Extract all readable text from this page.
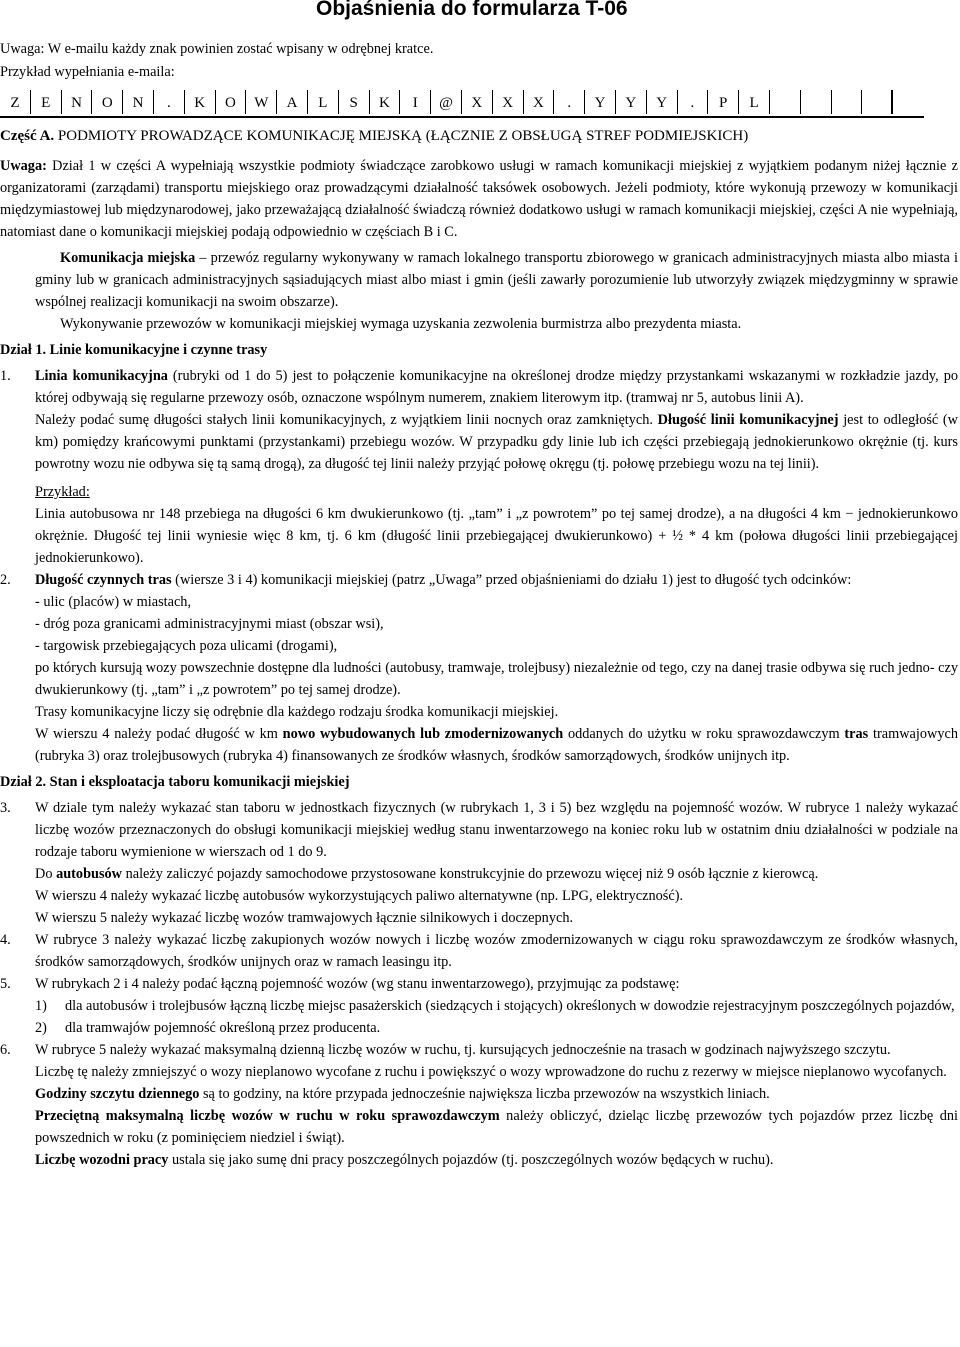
Objaśnienia do formularza T-06
Uwaga: W e-mailu każdy znak powinien zostać wpisany w odrębnej kratce.
Przykład wypełniania e-maila:
Z	E	N	O	N	.	K	O	W	A	L	S	K	I	@	X	X	X	.	Y	Y	Y	.	P	L
Część A. PODMIOTY PROWADZĄCE KOMUNIKACJĘ MIEJSKĄ (ŁĄCZNIE Z OBSŁUGĄ STREF PODMIEJSKICH)

Uwaga: Dział 1 w części A wypełniają wszystkie podmioty świadczące zarobkowo usługi w ramach komunikacji miejskiej z wyjątkiem podanym niżej łącznie z organizatorami (zarządami) transportu miejskiego oraz prowadzącymi działalność taksówek osobowych. Jeżeli podmioty, które wykonują przewozy w komunikacji międzymiastowej lub międzynarodowej, jako przeważającą działalność świadczą również dodatkowo usługi w ramach komunikacji miejskiej, części A nie wypełniają, natomiast dane o komunikacji miejskiej podają odpowiednio w częściach B i C.

Komunikacja miejska – przewóz regularny wykonywany w ramach lokalnego transportu zbiorowego w granicach administracyjnych miasta albo miasta i gminy lub w granicach administracyjnych sąsiadujących miast albo miast i gmin (jeśli zawarły porozumienie lub utworzyły związek międzygminny w sprawie wspólnej realizacji komunikacji na swoim obszarze).

Wykonywanie przewozów w komunikacji miejskiej wymaga uzyskania zezwolenia burmistrza albo prezydenta miasta.

Dział 1. Linie komunikacyjne i czynne trasy
1.	Linia komunikacyjna (rubryki od 1 do 5) jest to połączenie komunikacyjne na określonej drodze między przystankami wskazanymi w rozkładzie jazdy, po której odbywają się regularne przewozy osób, oznaczone wspólnym numerem, znakiem literowym itp. (tramwaj nr 5, autobus linii A).

Należy podać sumę długości stałych linii komunikacyjnych, z wyjątkiem linii nocnych oraz zamkniętych. Długość linii komunikacyjnej jest to odległość (w km) pomiędzy krańcowymi punktami (przystankami) przebiegu wozów. W przypadku gdy linie lub ich części przebiegają jednokierunkowo okrężnie (tj. kurs powrotny wozu nie odbywa się tą samą drogą), za długość tej linii należy przyjąć połowę okręgu (tj. połowę przebiegu wozu na tej linii).

Przykład:

Linia autobusowa nr 148 przebiega na długości 6 km dwukierunkowo (tj. „tam” i „z powrotem” po tej samej drodze), a na długości 4 km − jednokierunkowo okrężnie. Długość tej linii wyniesie więc 8 km, tj. 6 km (długość linii przebiegającej dwukierunkowo) + ½ * 4 km (połowa długości linii przebiegającej jednokierunkowo).

2.	Długość czynnych tras (wiersze 3 i 4) komunikacji miejskiej (patrz „Uwaga” przed objaśnieniami do działu 1) jest to długość tych odcinków:

- ulic (placów) w miastach,

- dróg poza granicami administracyjnymi miast (obszar wsi),

- targowisk przebiegających poza ulicami (drogami),

po których kursują wozy powszechnie dostępne dla ludności (autobusy, tramwaje, trolejbusy) niezależnie od tego, czy na danej trasie odbywa się ruch jedno- czy dwukierunkowy (tj. „tam” i „z powrotem” po tej samej drodze).

Trasy komunikacyjne liczy się odrębnie dla każdego rodzaju środka komunikacji miejskiej.

W wierszu 4 należy podać długość w km nowo wybudowanych lub zmodernizowanych oddanych do użytku w roku sprawozdawczym tras tramwajowych (rubryka 3) oraz trolejbusowych (rubryka 4) finansowanych ze środków własnych, środków samorządowych, środków unijnych itp.

Dział 2. Stan i eksploatacja taboru komunikacji miejskiej
3.	W dziale tym należy wykazać stan taboru w jednostkach fizycznych (w rubrykach 1, 3 i 5) bez względu na pojemność wozów. W rubryce 1 należy wykazać liczbę wozów przeznaczonych do obsługi komunikacji miejskiej według stanu inwentarzowego na koniec roku lub w ostatnim dniu działalności w podziale na rodzaje taboru wymienione w wierszach od 1 do 9.

Do autobusów należy zaliczyć pojazdy samochodowe przystosowane konstrukcyjnie do przewozu więcej niż 9 osób łącznie z kierowcą.

W wierszu 4 należy wykazać liczbę autobusów wykorzystujących paliwo alternatywne (np. LPG, elektryczność).

W wierszu 5 należy wykazać liczbę wozów tramwajowych łącznie silnikowych i doczepnych.

4.	W rubryce 3 należy wykazać liczbę zakupionych wozów nowych i liczbę wozów zmodernizowanych w ciągu roku sprawozdawczym ze środków własnych, środków samorządowych, środków unijnych oraz w ramach leasingu itp.
5.	W rubrykach 2 i 4 należy podać łączną pojemność wozów (wg stanu inwentarzowego), przyjmując za podstawę:

1)	dla autobusów i trolejbusów łączną liczbę miejsc pasażerskich (siedzących i stojących) określonych w dowodzie rejestracyjnym poszczególnych pojazdów,
2)	dla tramwajów pojemność określoną przez producenta.
6.	W rubryce 5 należy wykazać maksymalną dzienną liczbę wozów w ruchu, tj. kursujących jednocześnie na trasach w godzinach najwyższego szczytu.

Liczbę tę należy zmniejszyć o wozy nieplanowo wycofane z ruchu i powiększyć o wozy wprowadzone do ruchu z rezerwy w miejsce nieplanowo wycofanych.

Godziny szczytu dziennego są to godziny, na które przypada jednocześnie największa liczba przewozów na wszystkich liniach.

Przeciętną maksymalną liczbę wozów w ruchu w roku sprawozdawczym należy obliczyć, dzieląc liczbę przewozów tych pojazdów przez liczbę dni powszednich w roku (z pominięciem niedziel i świąt).

Liczbę wozodni pracy ustala się jako sumę dni pracy poszczególnych pojazdów (tj. poszczególnych wozów będących w ruchu).
